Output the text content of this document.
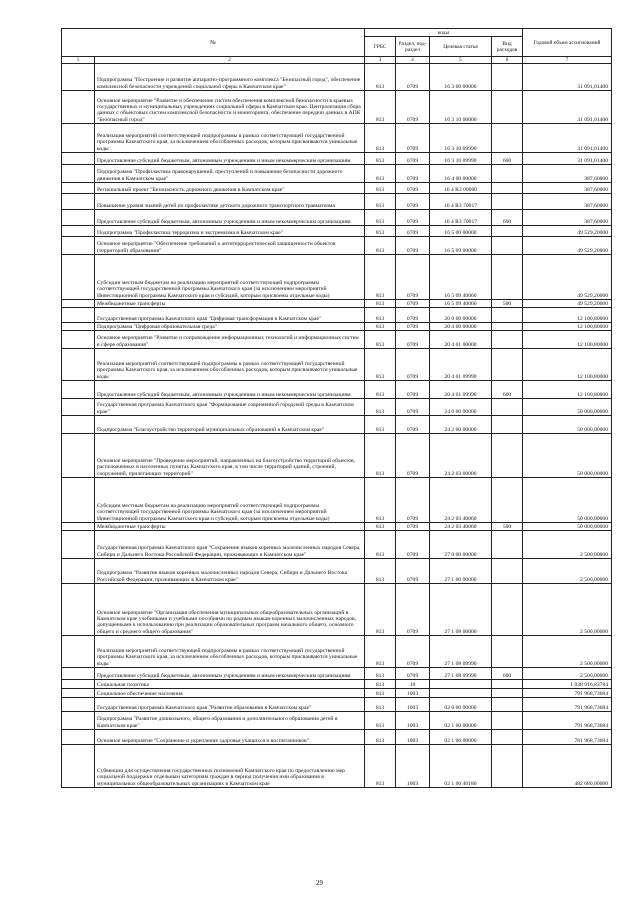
№		коды				Годовой объем ассигнований
		ГРБС	Раздел, под-раздел	Целевая статья	Вид расходов	
1	2	3	4	5	6	7
	Подпрограмма "Построение и развитие аппаратно-программного комплекса "Безопасный город", обеспечение комплексной безопасности учреждений социальной сферы в Камчатском крае"	813	0709	16 3 00 00000		31 091,01400
	Основное мероприятие "Развитие и обеспечение систем обеспечения комплексной безопасности в краевых государственных и муниципальных учреждениях социальной сферы в Камчатском крае. Централизация сбора данных с объектовых систем комплексной безопасности и мониторинга, обеспечение передачи данных в АПК "Безопасный город"	813	0709	16 3 10 00000		31 091,01400
	Реализация мероприятий соответствующей подпрограммы в рамках соответствующей государственной программы Камчатского края, за исключением обособленных расходов, которым присваиваются уникальные коды	813	0709	16 3 10 09990		31 091,01400
	Предоставление субсидий бюджетным, автономным учреждениям и иным некоммерческим организациям	813	0709	16 3 10 09990	600	31 091,01400
	Подпрограмма "Профилактика правонарушений, преступлений и повышение безопасности дорожного движения в Камчатском крае"	813	0709	16 4 00 00000		387,60000
	Региональный проект "Безопасность дорожного движения в Камчатском крае"	813	0709	16 4 R3 00000		387,60000
	Повышение уровня знаний детей по профилактике детского дорожного транспортного травматизма	813	0709	16 4 R3 70017		387,60000
	Предоставление субсидий бюджетным, автономным учреждениям и иным некоммерческим организациям	813	0709	16 4 R3 70017	600	387,60000
	Подпрограмма "Профилактика терроризма и экстремизма в Камчатском крае"	813	0709	16 5 00 00000		49 529,20000
	Основное мероприятие "Обеспечение требований к антитеррористической защищенности объектов (территорий) образования"	813	0709	16 5 09 00000		49 529,20000
	Субсидии местным бюджетам на реализацию мероприятий соответствующей подпрограммы соответствующей государственной программы Камчатского края (за исключением мероприятий Инвестиционной программы Камчатского края и субсидий, которым присвоены отдельные коды)	813	0709	16 5 09 40060		49 529,20000
	Межбюджетные трансферты	813	0709	16 5 09 40060	500	49 529,20000
	Государственная программа Камчатского края "Цифровая трансформация в Камчатском крае"	813	0709	20 0 00 00000		12 100,80000
	Подпрограмма "Цифровая образовательная среда"	813	0709	20 4 00 00000		12 100,80000
	Основное мероприятие "Развитие и сопровождение информационных технологий и информационных систем в сфере образования"	813	0709	20 4 01 00000		12 100,80000
	Реализация мероприятий соответствующей подпрограммы в рамках соответствующей государственной программы Камчатского края, за исключением обособленных расходов, которым присваиваются уникальные коды	813	0709	20 4 01 09990		12 100,80000
	Предоставление субсидий бюджетным, автономным учреждениям и иным некоммерческим организациям	813	0709	20 4 01 09990	600	12 100,80000
	Государственная программа Камчатского края "Формирование современной городской среды в Камчатском крае"	813	0709	24 0 00 00000		50 000,00000
	Подпрограмма "Благоустройство территорий муниципальных образований в Камчатском крае"	813	0709	24 2 00 00000		50 000,00000
	Основное мероприятие "Проведение мероприятий, направленных на благоустройство территорий объектов, расположенных в населенных пунктах Камчатского края, в том числе территорий зданий, строений, сооружений, прилегающих территорий"	813	0709	24 2 03 00000		50 000,00000
	Субсидии местным бюджетам на реализацию мероприятий соответствующей подпрограммы соответствующей государственной программы Камчатского края (за исключением мероприятий Инвестиционной программы Камчатского края и субсидий, которым присвоены отдельные коды)	813	0709	24 2 03 40060		50 000,00000
	Межбюджетные трансферты	813	0709	24 2 03 40060	500	50 000,00000
	Государственная программа Камчатского края "Сохранение языков коренных малочисленных народов Севера, Сибири и Дальнего Востока Российской Федерации, проживающих в Камчатском крае"	813	0709	27 0 00 00000		2 500,00000
	Подпрограмма "Развитие языков коренных малочисленных народов Севера, Сибири и Дальнего Востока Российской Федерации, проживающих в Камчатском крае"	813	0709	27 1 00 00000		2 500,00000
	Основное мероприятие "Организация обеспечения муниципальных общеобразовательных организаций в Камчатском крае учебниками и учебными пособиями по родным языкам коренных малочисленных народов, допущенными к использованию при реализации образовательных программ начального общего, основного общего и среднего общего образования"	813	0709	27 1 08 00000		2 500,00000
	Реализация мероприятий соответствующей подпрограммы в рамках соответствующей государственной программы Камчатского края, за исключением обособленных расходов, которым присваиваются уникальные коды	813	0709	27 1 08 09990		2 500,00000
	Предоставление субсидий бюджетным, автономным учреждениям и иным некоммерческим организациям	813	0709	27 1 08 09990	600	2 500,00000
	Социальная политика	813	10			1 038 916,83784
	Социальное обеспечение населения	813	1003			791 968,73684
	Государственная программа Камчатского края "Развитие образования в Камчатском крае"	813	1003	02 0 00 00000		791 968,73684
	Подпрограмма "Развитие дошкольного, общего образования и дополнительного образования детей в Камчатском крае"	813	1003	02 1 00 00000		791 968,73684
	Основное мероприятие "Сохранение и укрепление здоровья учащихся и воспитанников"	813	1003	02 1 06 00000		781 968,73684
	Субвенции для осуществления государственных полномочий Камчатского края по предоставлению мер социальной поддержки отдельным категориям граждан в период получения ими образования в муниципальных общеобразовательных организациях в Камчатском крае	813	1003	02 1 06 40180		482 680,00000
29
